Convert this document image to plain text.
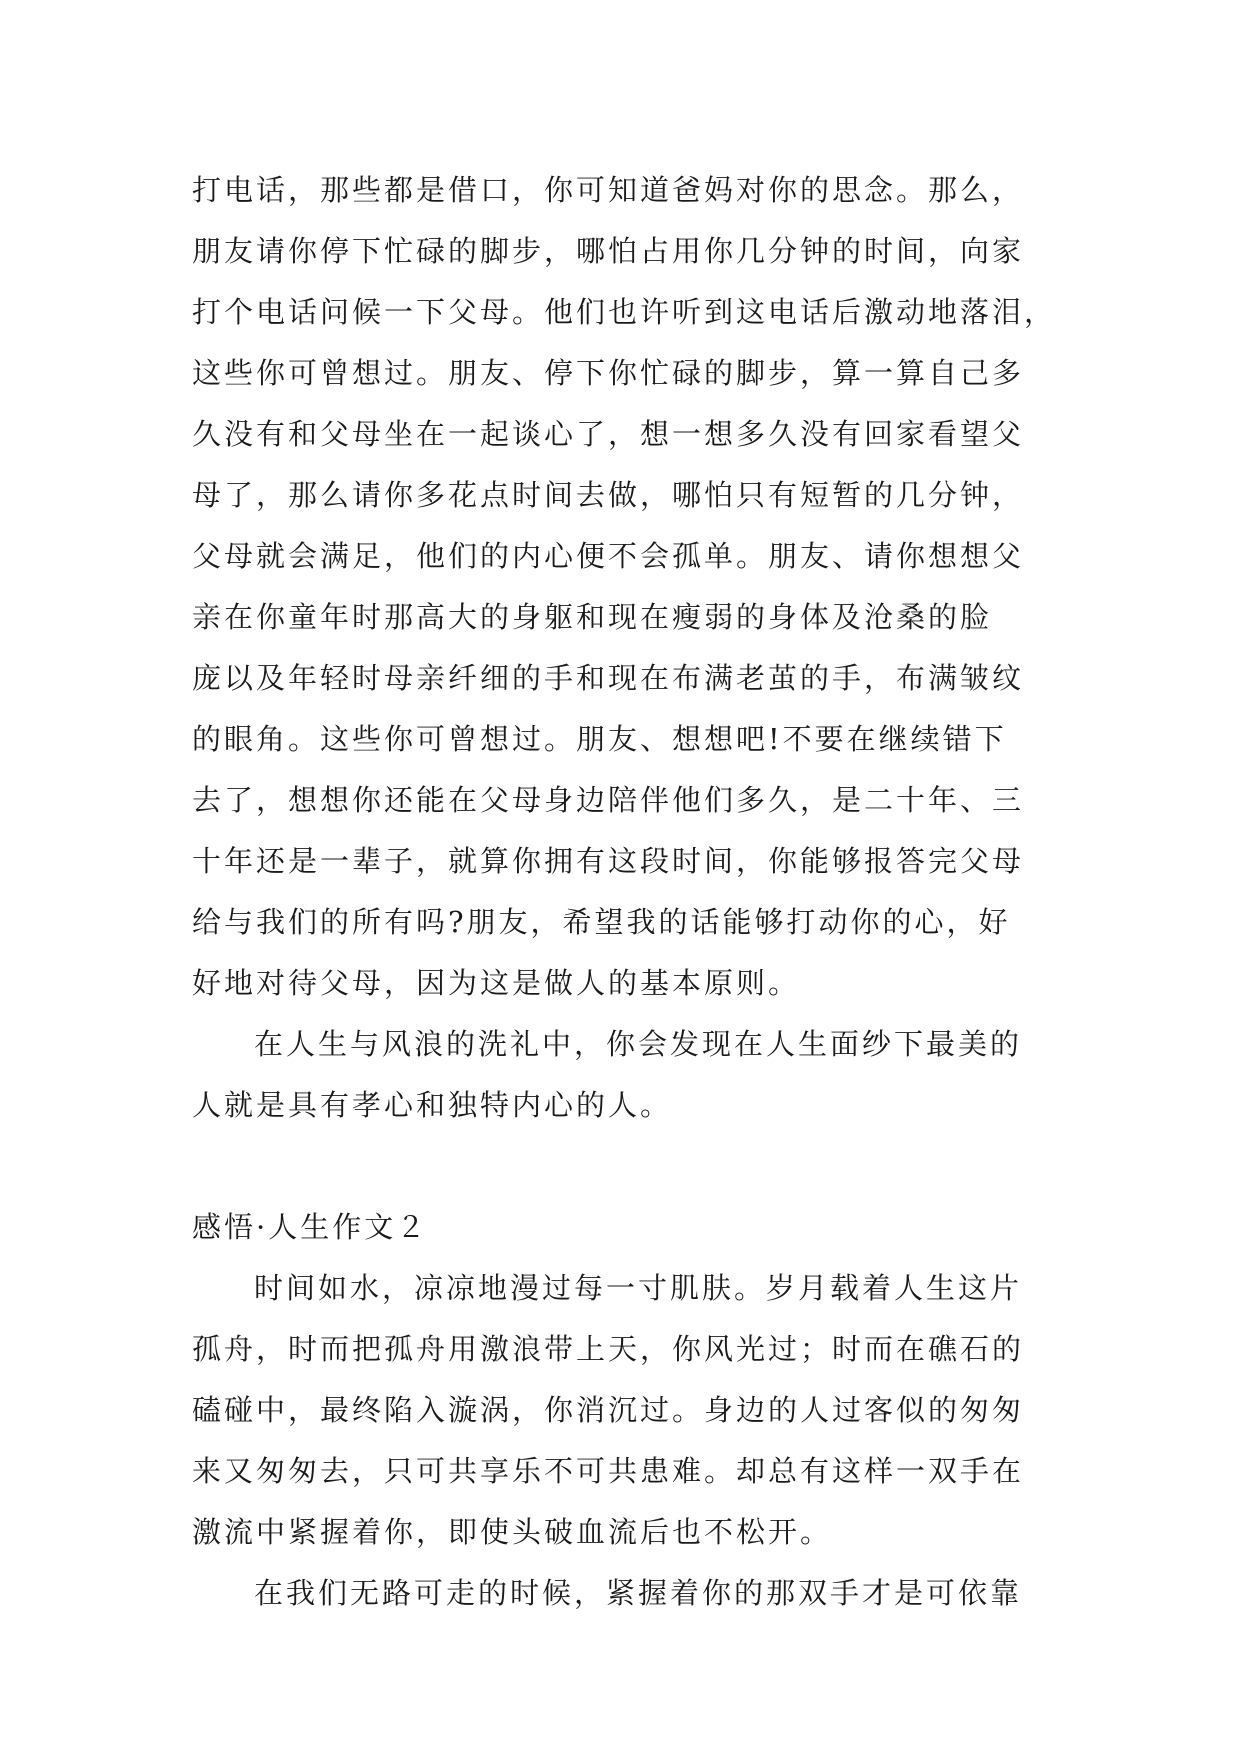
打电话，那些都是借口，你可知道爸妈对你的思念。那么，
朋友请你停下忙碌的脚步，哪怕占用你几分钟的时间，向家
打个电话问候一下父母。他们也许听到这电话后激动地落泪，
这些你可曾想过。朋友、停下你忙碌的脚步，算一算自己多
久没有和父母坐在一起谈心了，想一想多久没有回家看望父
母了，那么请你多花点时间去做，哪怕只有短暂的几分钟，
父母就会满足，他们的内心便不会孤单。朋友、请你想想父
亲在你童年时那高大的身躯和现在瘦弱的身体及沧桑的脸
庞以及年轻时母亲纤细的手和现在布满老茧的手，布满皱纹
的眼角。这些你可曾想过。朋友、想想吧!不要在继续错下
去了，想想你还能在父母身边陪伴他们多久，是二十年、三
十年还是一辈子，就算你拥有这段时间，你能够报答完父母
给与我们的所有吗?朋友，希望我的话能够打动你的心，好
好地对待父母，因为这是做人的基本原则。
在人生与风浪的洗礼中，你会发现在人生面纱下最美的
人就是具有孝心和独特内心的人。
感悟·人生作文２
时间如水，凉凉地漫过每一寸肌肤。岁月载着人生这片
孤舟，时而把孤舟用激浪带上天，你风光过；时而在礁石的
磕碰中，最终陷入漩涡，你消沉过。身边的人过客似的匆匆
来又匆匆去，只可共享乐不可共患难。却总有这样一双手在
激流中紧握着你，即使头破血流后也不松开。
在我们无路可走的时候，紧握着你的那双手才是可依靠
